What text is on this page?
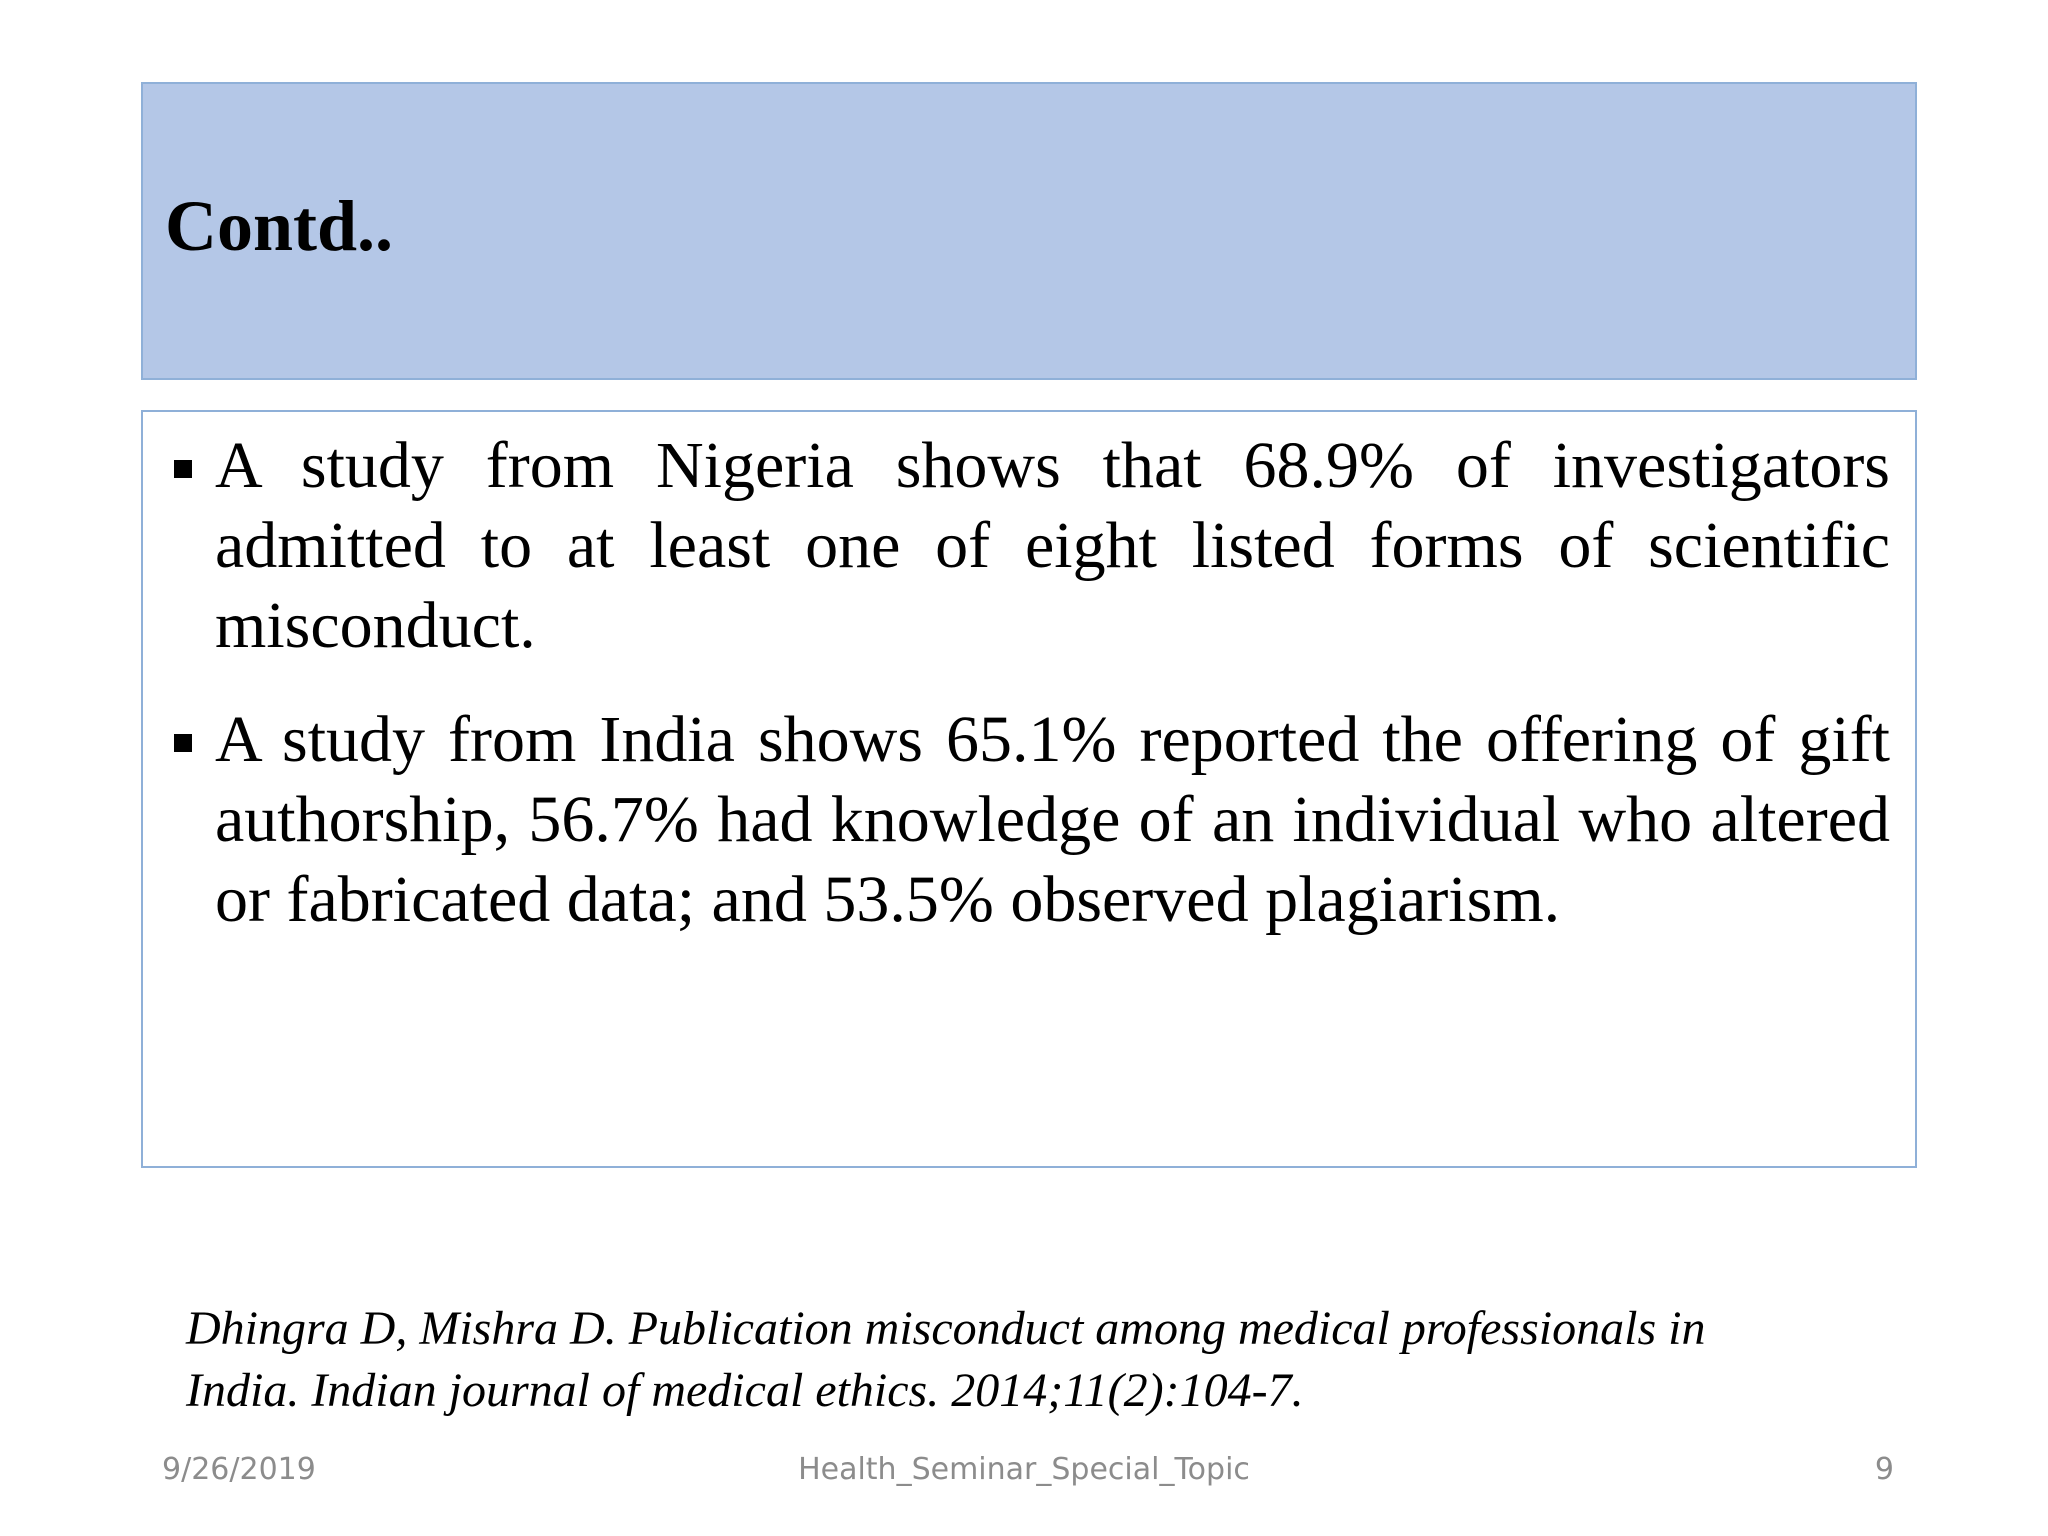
Contd..
A study from Nigeria shows that 68.9% of investigators admitted to at least one of eight listed forms of scientific misconduct.
A study from India shows 65.1% reported the offering of gift authorship, 56.7% had knowledge of an individual who altered or fabricated data; and 53.5% observed plagiarism.
Dhingra D, Mishra D. Publication misconduct among medical professionals in
India. Indian journal of medical ethics. 2014;11(2):104-7.
9/26/2019	Health_Seminar_Special_Topic	9
